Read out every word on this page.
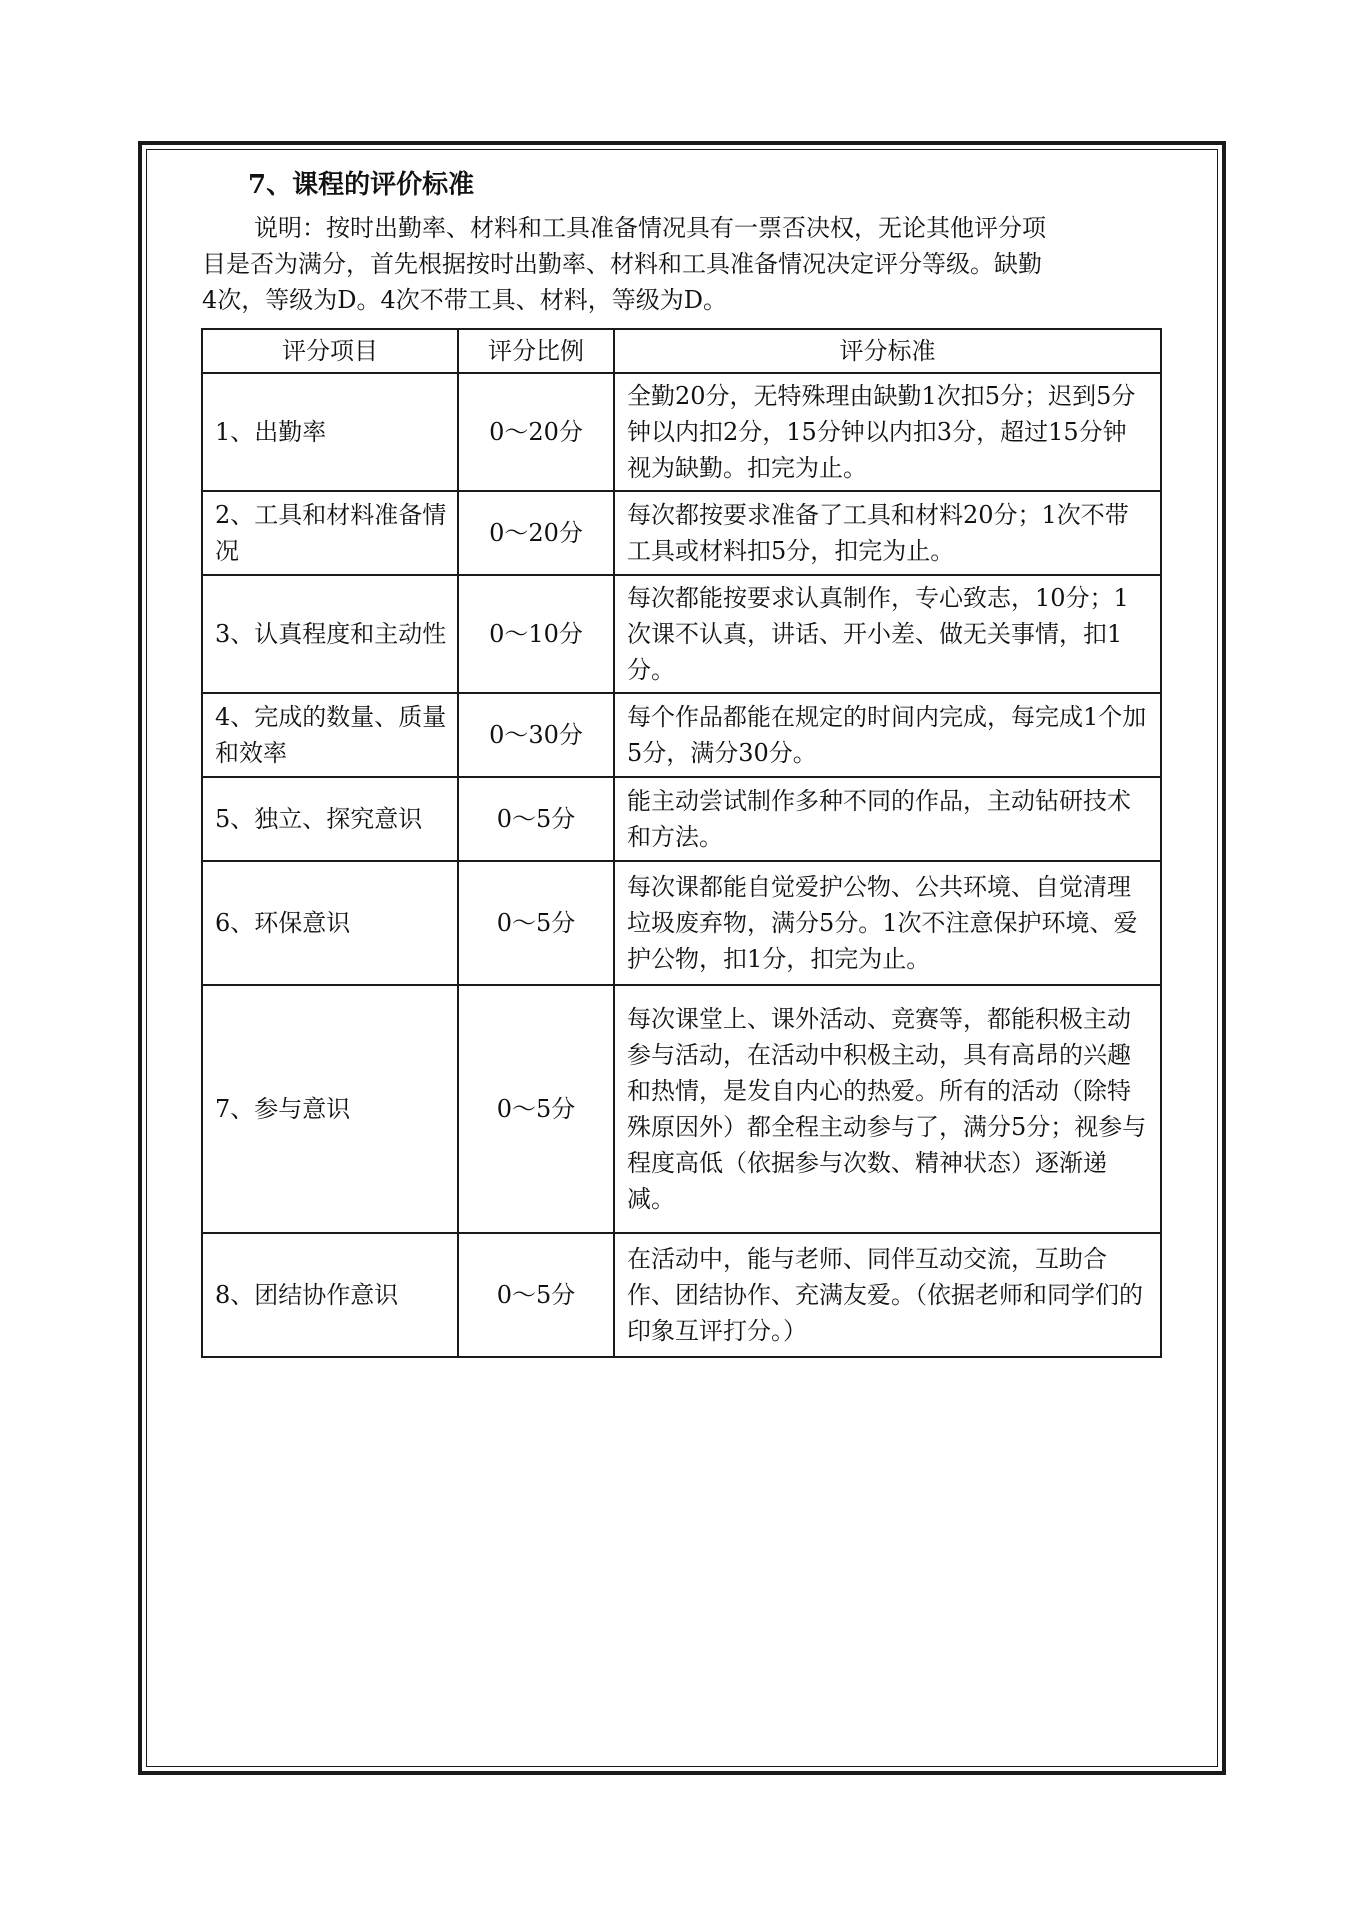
7、课程的评价标准

说明：按时出勤率、材料和工具准备情况具有一票否决权，无论其他评分项
目是否为满分，首先根据按时出勤率、材料和工具准备情况决定评分等级。缺勤
4次，等级为D。4次不带工具、材料，等级为D。

评分项目	评分比例	评分标准
1、出勤率	0～20分	全勤20分，无特殊理由缺勤1次扣5分；迟到5分钟以内扣2分，15分钟以内扣3分，超过15分钟视为缺勤。扣完为止。
2、工具和材料准备情况	0～20分	每次都按要求准备了工具和材料20分；1次不带工具或材料扣5分，扣完为止。
3、认真程度和主动性	0～10分	每次都能按要求认真制作，专心致志，10分；1次课不认真，讲话、开小差、做无关事情，扣1分。
4、完成的数量、质量和效率	0～30分	每个作品都能在规定的时间内完成，每完成1个加5分，满分30分。
5、独立、探究意识	0～5分	能主动尝试制作多种不同的作品，主动钻研技术和方法。
6、环保意识	0～5分	每次课都能自觉爱护公物、公共环境、自觉清理垃圾废弃物，满分5分。1次不注意保护环境、爱护公物，扣1分，扣完为止。
7、参与意识	0～5分	每次课堂上、课外活动、竞赛等，都能积极主动参与活动，在活动中积极主动，具有高昂的兴趣和热情，是发自内心的热爱。所有的活动（除特殊原因外）都全程主动参与了，满分5分；视参与程度高低（依据参与次数、精神状态）逐渐递减。
8、团结协作意识	0～5分	在活动中，能与老师、同伴互动交流，互助合作、团结协作、充满友爱。（依据老师和同学们的印象互评打分。）
